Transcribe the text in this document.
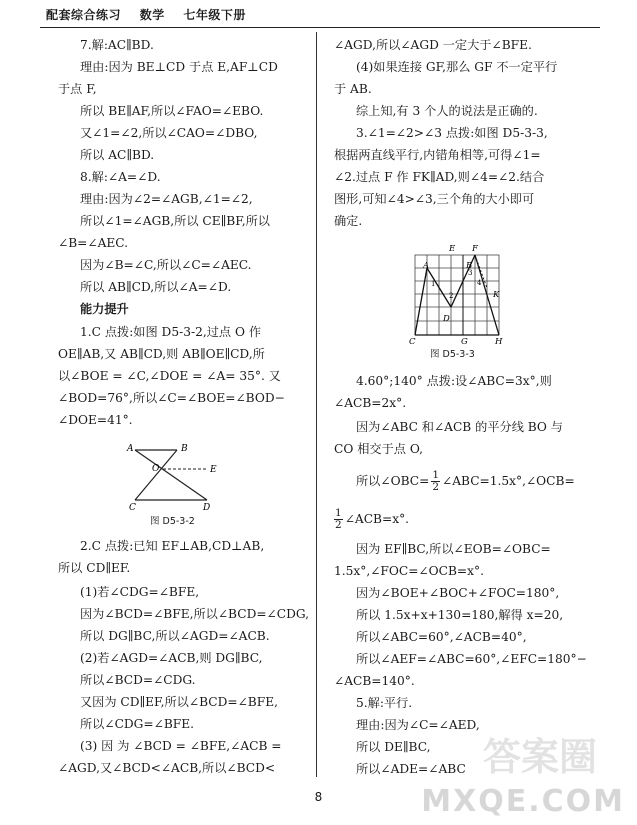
配套综合练习 数学 七年级下册
7.解:AC∥BD.
理由:因为 BE⊥CD 于点 E,AF⊥CD
于点 F,
所以 BE∥AF,所以∠FAO=∠EBO.
又∠1=∠2,所以∠CAO=∠DBO,
所以 AC∥BD.
8.解:∠A=∠D.
理由:因为∠2=∠AGB,∠1=∠2,
所以∠1=∠AGB,所以 CE∥BF,所以
∠B=∠AEC.
因为∠B=∠C,所以∠C=∠AEC.
所以 AB∥CD,所以∠A=∠D.
能力提升
1.C 点拨:如图 D5-3-2,过点 O 作
OE∥AB,又 AB∥CD,则 AB∥OE∥CD,所
以∠BOE = ∠C,∠DOE = ∠A= 35°. 又
∠BOD=76°,所以∠C=∠BOE=∠BOD−
∠DOE=41°.
A	B
O	E
C	D
图 D5-3-2
2.C 点拨:已知 EF⊥AB,CD⊥AB,
所以 CD∥EF.
(1)若∠CDG=∠BFE,
因为∠BCD=∠BFE,所以∠BCD=∠CDG,
所以 DG∥BC,所以∠AGD=∠ACB.
(2)若∠AGD=∠ACB,则 DG∥BC,
所以∠BCD=∠CDG.
又因为 CD∥EF,所以∠BCD=∠BFE,
所以∠CDG=∠BFE.
(3) 因 为 ∠BCD = ∠BFE,∠ACB =
∠AGD,又∠BCD<∠ACB,所以∠BCD<
∠AGD,所以∠AGD 一定大于∠BFE.
(4)如果连接 GF,那么 GF 不一定平行
于 AB.
综上知,有 3 个人的说法是正确的.
3.∠1=∠2>∠3 点拨:如图 D5-3-3,
根据两直线平行,内错角相等,可得∠1=
∠2.过点 F 作 FK∥AD,则∠4=∠2.结合
图形,可知∠4>∠3,三个角的大小即可
确定.
E F
A	B
K
D
C	G	H
1
2
3
4
图 D5-3-3
4.60°;140° 点拨:设∠ABC=3x°,则
∠ACB=2x°.
因为∠ABC 和∠ACB 的平分线 BO 与
CO 相交于点 O,
所以∠OBC= $\frac{1}{2}$ ∠ABC=1.5x°,∠OCB=
$\frac{1}{2}$ ∠ACB=x°.
因为 EF∥BC,所以∠EOB=∠OBC=
1.5x°,∠FOC=∠OCB=x°.
因为∠BOE+∠BOC+∠FOC=180°,
所以 1.5x+x+130=180,解得 x=20,
所以∠ABC=60°,∠ACB=40°,
所以∠AEF=∠ABC=60°,∠EFC=180°−
∠ACB=140°.
5.解:平行.
理由:因为∠C=∠AED,
所以 DE∥BC,
所以∠ADE=∠ABC 答案圈
8	MXQE.COM
